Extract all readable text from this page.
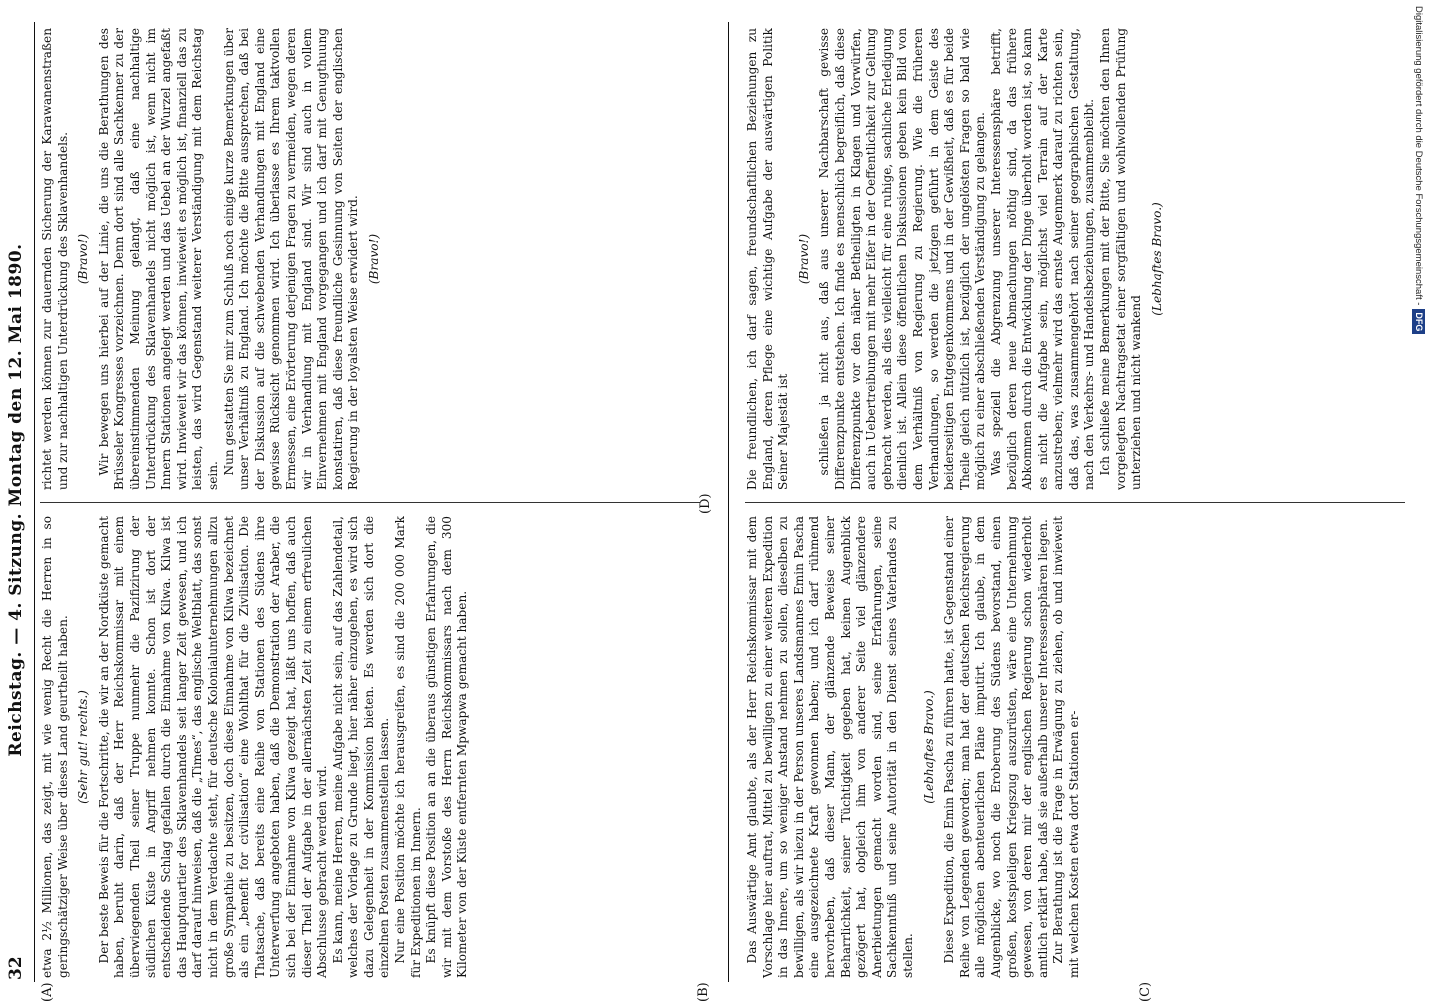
32
Reichstag. — 4. Sitzung. Montag den 12. Mai 1890.
(A)	(C)

etwa 2½ Millionen, das zeigt, mit wie wenig Recht die Herren in so geringschätziger Weise über dieses Land geurtheilt haben. (Sehr gut! rechts.) Der beste Beweis für die Fortschritte, die wir an der Nordküste gemacht haben, beruht darin, daß der Herr Reichskommissar mit einem überwiegenden Theil seiner Truppe nunmehr die Pazifizirung der südlichen Küste in Angriff nehmen konnte. Schon ist dort der entscheidende Schlag gefallen durch die Einnahme von Kilwa. Kilwa ist das Hauptquartier des Sklavenhandels seit langer Zeit gewesen, und ich darf darauf hinweisen, daß die „Times“, das englische Weltblatt, das sonst nicht in dem Verdachte steht, für deutsche Kolonialunternehmungen allzu große Sympathie zu besitzen, doch diese Einnahme von Kilwa bezeichnet als ein „benefit for civilisation“ eine Wohlthat für die Zivilisation. Die Thatsache, daß bereits eine Reihe von Stationen des Südens ihre Unterwerfung angeboten haben, daß die Demonstration der Araber, die sich bei der Einnahme von Kilwa gezeigt hat, läßt uns hoffen, daß auch dieser Theil der Aufgabe in der allernächsten Zeit zu einem erfreulichen Abschlusse gebracht werden wird. Es kann, meine Herren, meine Aufgabe nicht sein, auf das Zahlendetail, welches der Vorlage zu Grunde liegt, hier näher einzugehen, es wird sich dazu Gelegenheit in der Kommission bieten. Es werden sich dort die einzelnen Posten zusammenstellen lassen. Nur eine Position möchte ich herausgreifen, es sind die 200 000 Mark für Expeditionen im Innern. Es knüpft diese Position an an die überaus günstigen Erfahrungen, die wir mit dem Vorstoße des Herrn Reichskommissars nach dem 300 Kilometer von der Küste entfernten Mpwapwa gemacht haben.

richtet werden können zur dauernden Sicherung der Karawanenstraßen und zur nachhaltigen Unterdrückung des Sklavenhandels. (Bravo!) Wir bewegen uns hierbei auf der Linie, die uns die Berathungen des Brüsseler Kongresses vorzeichnen. Denn dort sind alle Sachkenner zu der übereinstimmenden Meinung gelangt, daß eine nachhaltige Unterdrückung des Sklavenhandels nicht möglich ist, wenn nicht im Innern Stationen angelegt werden und das Uebel an der Wurzel angefaßt wird. Inwieweit wir das können, inwieweit es möglich ist, finanziell das zu leisten, das wird Gegenstand weiterer Verständigung mit dem Reichstag sein.

Nun gestatten Sie mir zum Schluß noch einige kurze Bemerkungen über unser Verhältniß zu England. Ich möchte die Bitte aussprechen, daß bei der Diskussion auf die schwebenden Verhandlungen mit England eine gewisse Rücksicht genommen wird. Ich überlasse es Ihrem taktvollen Ermessen, eine Erörterung derjenigen Fragen zu vermeiden, wegen deren wir in Verhandlung mit England sind. Wir sind auch in vollem Einvernehmen mit England vorgegangen und ich darf mit Genugthuung konstatiren, daß diese freundliche Gesinnung von Seiten der englischen Regierung in der loyalsten Weise erwidert wird. (Bravo!)
(B)
(D)

Das Auswärtige Amt glaubte, als der Herr Reichskommissar mit dem Vorschlage hier auftrat, Mittel zu bewilligen zu einer weiteren Expedition in das Innere, um so weniger Anstand nehmen zu sollen, dieselben zu bewilligen, als wir hiezu in der Person unseres Landsmannes Emin Pascha eine ausgezeichnete Kraft gewonnen haben; und ich darf rühmend hervorheben, daß dieser Mann, der glänzende Beweise seiner Beharrlichkeit, seiner Tüchtigkeit gegeben hat, keinen Augenblick gezögert hat, obgleich ihm von anderer Seite viel glänzendere Anerbietungen gemacht worden sind, seine Erfahrungen, seine Sachkenntniß und seine Autorität in den Dienst seines Vaterlandes zu stellen.

(Lebhaftes Bravo.) Diese Expedition, die Emin Pascha zu führen hatte, ist Gegenstand einer Reihe von Legenden geworden; man hat der deutschen Reichsregierung alle möglichen abenteuerlichen Pläne imputirt. Ich glaube, in dem Augenblicke, wo noch die Eroberung des Südens bevorstand, einen großen, kostspieligen Kriegszug auszurüsten, wäre eine Unternehmung gewesen, von deren mir der englischen Regierung schon wiederholt amtlich erklärt habe, daß sie außerhalb unserer Interessensphären liegen. Zur Berathung ist die Frage in Erwägung zu ziehen, ob und inwieweit mit welchen Kosten etwa dort Stationen er-

Die freundlichen, ich darf sagen, freundschaftlichen Beziehungen zu England, deren Pflege eine wichtige Aufgabe der auswärtigen Politik Seiner Majestät ist

(Bravo!) schließen ja nicht aus, daß aus unserer Nachbarschaft gewisse Differenzpunkte entstehen. Ich finde es menschlich begreiflich, daß diese Differenzpunkte vor den näher Betheiligten in Klagen und Vorwürfen, auch in Uebertreibungen mit mehr Eifer in der Oeffentlichkeit zur Geltung gebracht werden, als dies vielleicht für eine ruhige, sachliche Erledigung dienlich ist. Allein diese öffentlichen Diskussionen geben kein Bild von dem Verhältniß von Regierung zu Regierung. Wie die früheren Verhandlungen, so werden die jetzigen geführt in dem Geiste des beiderseitigen Entgegenkommens und in der Gewißheit, daß es für beide Theile gleich nützlich ist, bezüglich der ungelösten Fragen so bald wie möglich zu einer abschließenden Verständigung zu gelangen. Was speziell die Abgrenzung unserer Interessensphäre betrifft, bezüglich deren neue Abmachungen nöthig sind, da das frühere Abkommen durch die Entwicklung der Dinge überholt worden ist, so kann es nicht die Aufgabe sein, möglichst viel Terrain auf der Karte anzustreben; vielmehr wird das ernste Augenmerk darauf zu richten sein, daß das, was zusammengehört nach seiner geographischen Gestaltung, nach den Verkehrs- und Handelsbeziehungen, zusammenbleibt. Ich schließe meine Bemerkungen mit der Bitte, Sie möchten den Ihnen vorgelegten Nachtragsetat einer sorgfältigen und wohlwollenden Prüfung unterziehen und nicht wankend

(Lebhaftes Bravo.)	Digitalisierung gefördert durch die Deutsche Forschungsgemeinschaft -DFG
